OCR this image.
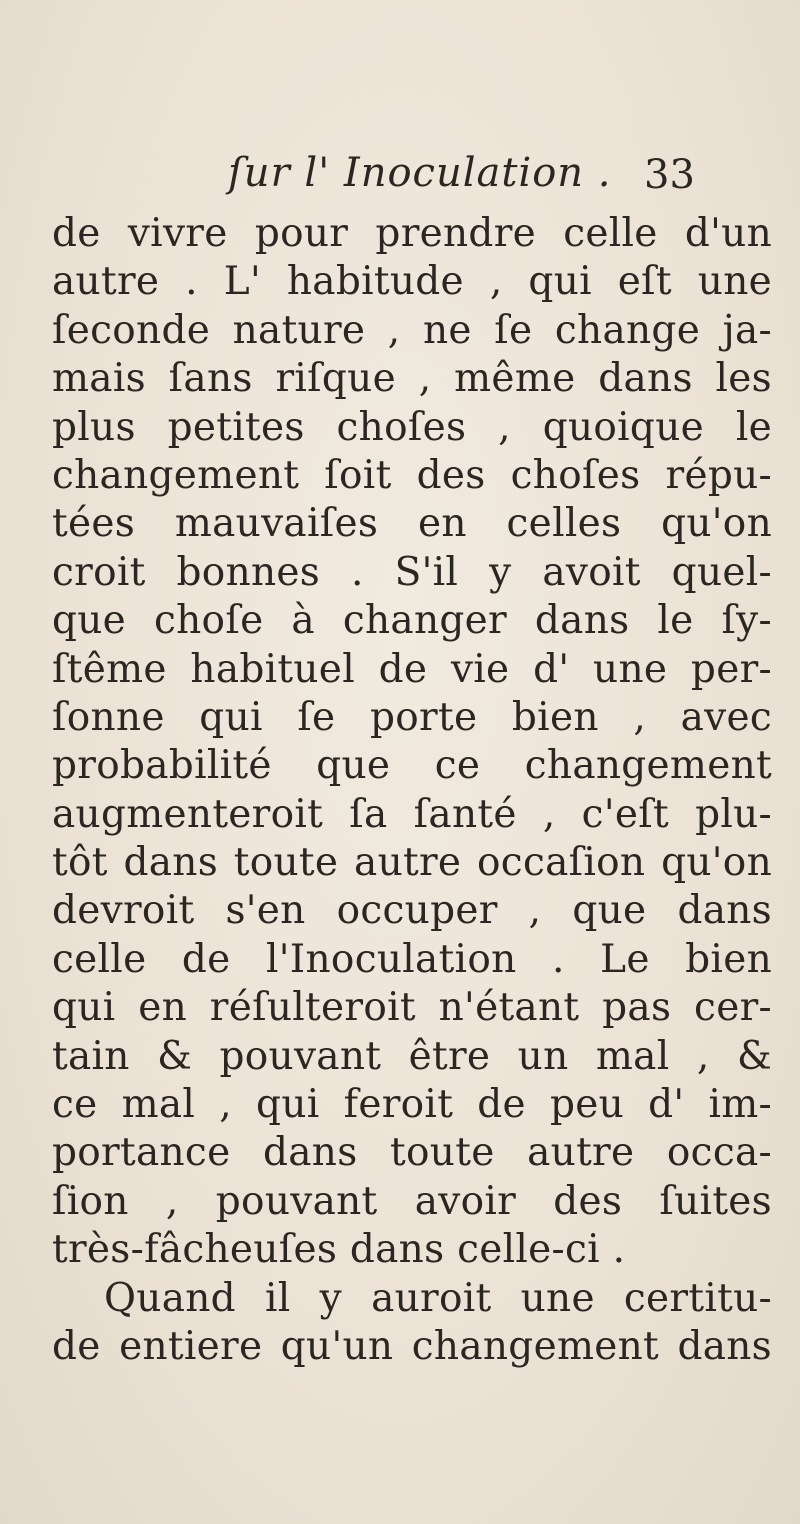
ſur l' Inoculation . 33
de vivre pour prendre celle d'un
autre . L' habitude , qui eſt une
ſeconde nature , ne ſe change ja-
mais ſans riſque , même dans les
plus petites choſes , quoique le
changement ſoit des choſes répu-
tées mauvaiſes en celles qu'on
croit bonnes . S'il y avoit quel-
que choſe à changer dans le ſy-
ſtême habituel de vie d' une per-
ſonne qui ſe porte bien , avec
probabilité que ce changement
augmenteroit ſa ſanté , c'eſt plu-
tôt dans toute autre occaſion qu'on
devroit s'en occuper , que dans
celle de l'Inoculation . Le bien
qui en réſulteroit n'étant pas cer-
tain & pouvant être un mal , &
ce mal , qui feroit de peu d' im-
portance dans toute autre occa-
ſion , pouvant avoir des ſuites
très-fâcheuſes dans celle-ci .
Quand il y auroit une certitu-
de entiere qu'un changement dans
